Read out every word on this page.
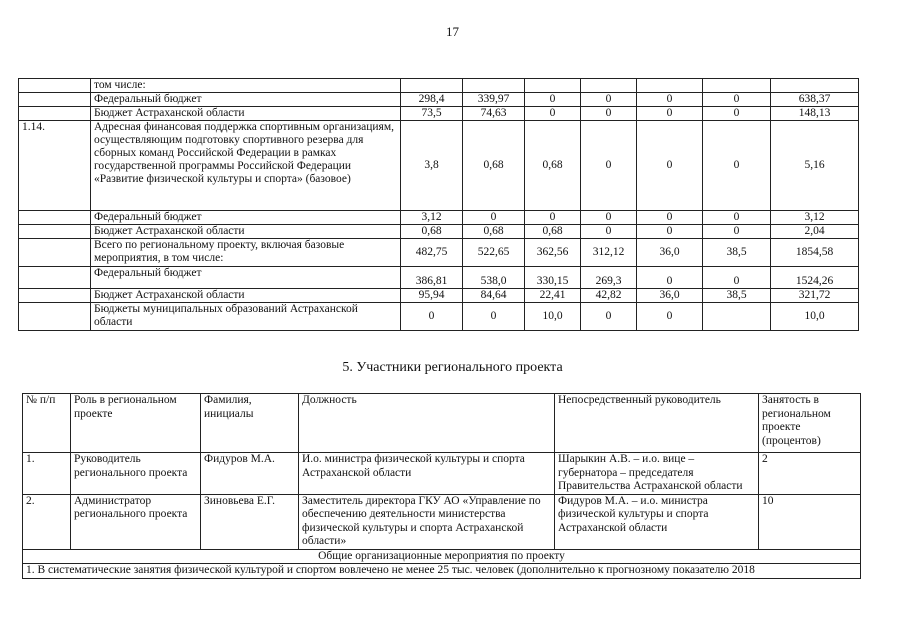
17
	том числе:							
	Федеральный бюджет	298,4	339,97	0	0	0	0	638,37
	Бюджет Астраханской области	73,5	74,63	0	0	0	0	148,13
1.14.	Адресная финансовая поддержка спортивным организациям, осуществляющим подготовку спортивного резерва для сборных команд Российской Федерации в рамках государственной программы Российской Федерации «Развитие физической культуры и спорта» (базовое)	3,8	0,68	0,68	0	0	0	5,16
	Федеральный бюджет	3,12	0	0	0	0	0	3,12
	Бюджет Астраханской области	0,68	0,68	0,68	0	0	0	2,04
	Всего по региональному проекту, включая базовые мероприятия, в том числе:	482,75	522,65	362,56	312,12	36,0	38,5	1854,58
	Федеральный бюджет	386,81	538,0	330,15	269,3	0	0	1524,26
	Бюджет Астраханской области	95,94	84,64	22,41	42,82	36,0	38,5	321,72
	Бюджеты муниципальных образований Астраханской области	0	0	10,0	0	0		10,0
5. Участники регионального проекта
№ п/п	Роль в региональном проекте	Фамилия, инициалы	Должность	Непосредственный руководитель	Занятость в региональном проекте (процентов)
1.	Руководитель регионального проекта	Фидуров М.А.	И.о. министра физической культуры и спорта Астраханской области	Шарыкин А.В. – и.о. вице – губернатора – председателя Правительства Астраханской области	2
2.	Администратор регионального проекта	Зиновьева Е.Г.	Заместитель директора ГКУ АО «Управление по обеспечению деятельности министерства физической культуры и спорта Астраханской области»	Фидуров М.А. – и.о. министра физической культуры и спорта Астраханской области	10
Общие организационные мероприятия по проекту					
1. В систематические занятия физической культурой и спортом вовлечено не менее 25 тыс. человек (дополнительно к прогнозному показателю 2018					
